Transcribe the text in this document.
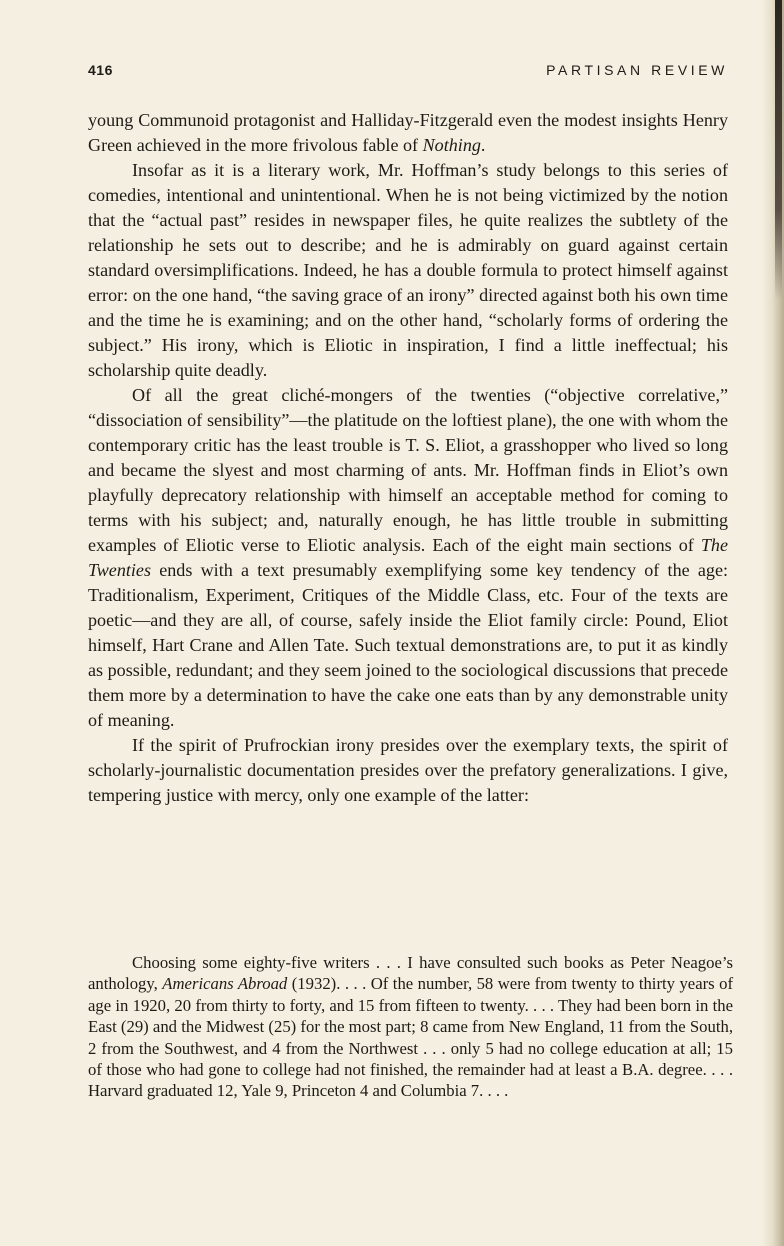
416	PARTISAN REVIEW

young Communoid protagonist and Halliday-Fitzgerald even the modest insights Henry Green achieved in the more frivolous fable of Nothing.

Insofar as it is a literary work, Mr. Hoffman’s study belongs to this series of comedies, intentional and unintentional. When he is not being victimized by the notion that the “actual past” resides in newspaper files, he quite realizes the subtlety of the relationship he sets out to describe; and he is admirably on guard against certain standard oversimplifications. Indeed, he has a double formula to protect himself against error: on the one hand, “the saving grace of an irony” directed against both his own time and the time he is examining; and on the other hand, “scholarly forms of ordering the subject.” His irony, which is Eliotic in inspiration, I find a little ineffectual; his scholarship quite deadly.

Of all the great cliché-mongers of the twenties (“objective correlative,” “dissociation of sensibility”—the platitude on the loftiest plane), the one with whom the contemporary critic has the least trouble is T. S. Eliot, a grasshopper who lived so long and became the slyest and most charming of ants. Mr. Hoffman finds in Eliot’s own playfully deprecatory relationship with himself an acceptable method for coming to terms with his subject; and, naturally enough, he has little trouble in submitting examples of Eliotic verse to Eliotic analysis. Each of the eight main sections of The Twenties ends with a text presumably exemplifying some key tendency of the age: Traditionalism, Experiment, Critiques of the Middle Class, etc. Four of the texts are poetic—and they are all, of course, safely inside the Eliot family circle: Pound, Eliot himself, Hart Crane and Allen Tate. Such textual demonstrations are, to put it as kindly as possible, redundant; and they seem joined to the sociological discussions that precede them more by a determination to have the cake one eats than by any demonstrable unity of meaning.

If the spirit of Prufrockian irony presides over the exemplary texts, the spirit of scholarly-journalistic documentation presides over the prefatory generalizations. I give, tempering justice with mercy, only one example of the latter:

Choosing some eighty-five writers . . . I have consulted such books as Peter Neagoe’s anthology, Americans Abroad (1932). . . . Of the number, 58 were from twenty to thirty years of age in 1920, 20 from thirty to forty, and 15 from fifteen to twenty. . . . They had been born in the East (29) and the Midwest (25) for the most part; 8 came from New England, 11 from the South, 2 from the Southwest, and 4 from the Northwest . . . only 5 had no college education at all; 15 of those who had gone to college had not finished, the remainder had at least a B.A. degree. . . . Harvard graduated 12, Yale 9, Princeton 4 and Columbia 7. . . .
